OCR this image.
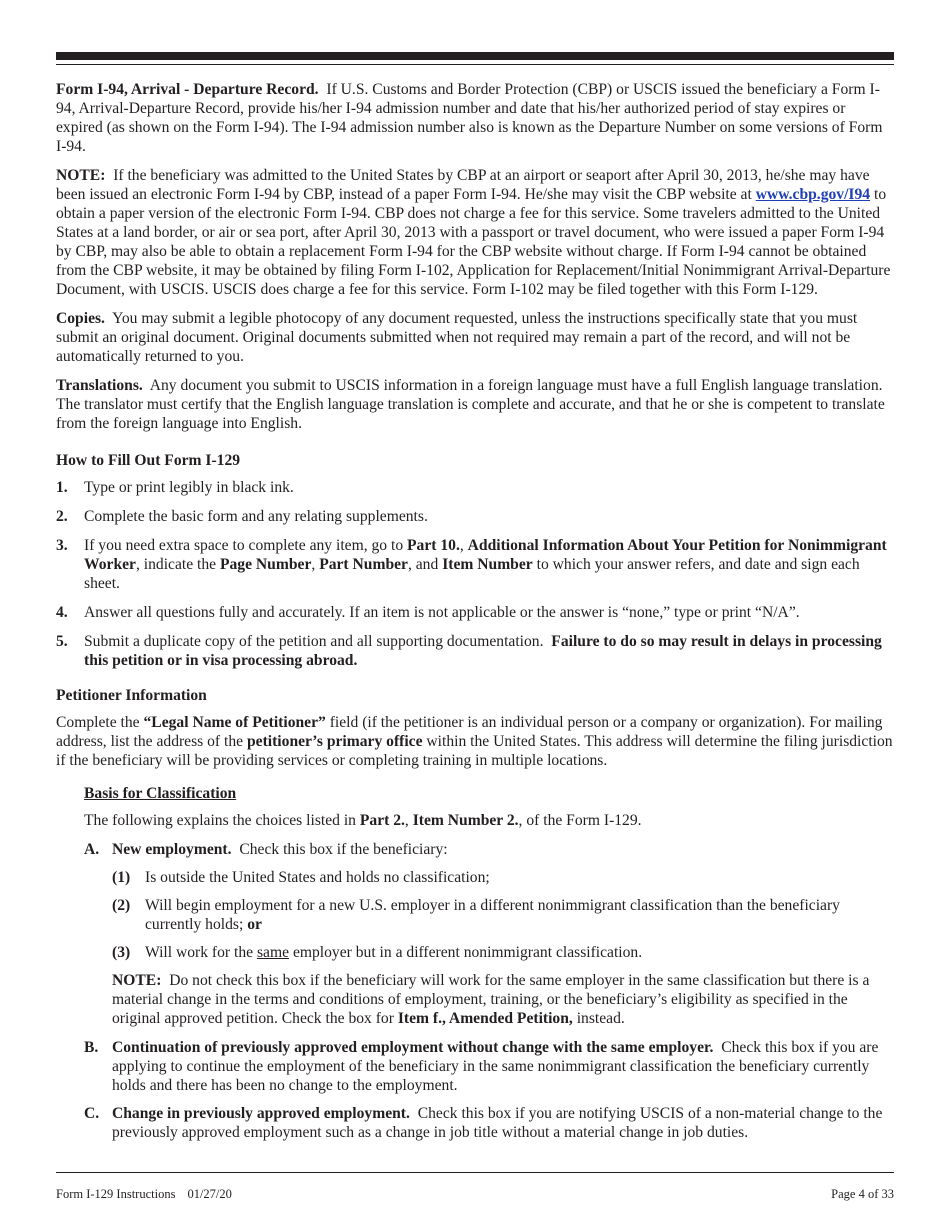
Form I-94, Arrival - Departure Record. If U.S. Customs and Border Protection (CBP) or USCIS issued the beneficiary a Form I-94, Arrival-Departure Record, provide his/her I-94 admission number and date that his/her authorized period of stay expires or expired (as shown on the Form I-94). The I-94 admission number also is known as the Departure Number on some versions of Form I-94.

NOTE: If the beneficiary was admitted to the United States by CBP at an airport or seaport after April 30, 2013, he/she may have been issued an electronic Form I-94 by CBP, instead of a paper Form I-94. He/she may visit the CBP website at www.cbp.gov/I94 to obtain a paper version of the electronic Form I-94. CBP does not charge a fee for this service. Some travelers admitted to the United States at a land border, or air or sea port, after April 30, 2013 with a passport or travel document, who were issued a paper Form I-94 by CBP, may also be able to obtain a replacement Form I-94 for the CBP website without charge. If Form I-94 cannot be obtained from the CBP website, it may be obtained by filing Form I-102, Application for Replacement/Initial Nonimmigrant Arrival-Departure Document, with USCIS. USCIS does charge a fee for this service. Form I-102 may be filed together with this Form I-129.

Copies. You may submit a legible photocopy of any document requested, unless the instructions specifically state that you must submit an original document. Original documents submitted when not required may remain a part of the record, and will not be automatically returned to you.

Translations. Any document you submit to USCIS information in a foreign language must have a full English language translation. The translator must certify that the English language translation is complete and accurate, and that he or she is competent to translate from the foreign language into English.

How to Fill Out Form I-129
1.	Type or print legibly in black ink.
2.	Complete the basic form and any relating supplements.
3.	If you need extra space to complete any item, go to Part 10., Additional Information About Your Petition for Nonimmigrant Worker, indicate the Page Number, Part Number, and Item Number to which your answer refers, and date and sign each sheet.
4.	Answer all questions fully and accurately. If an item is not applicable or the answer is “none,” type or print “N/A”.
5.	Submit a duplicate copy of the petition and all supporting documentation. Failure to do so may result in delays in processing this petition or in visa processing abroad.
Petitioner Information

Complete the “Legal Name of Petitioner” field (if the petitioner is an individual person or a company or organization). For mailing address, list the address of the petitioner’s primary office within the United States. This address will determine the filing jurisdiction if the beneficiary will be providing services or completing training in multiple locations.

Basis for Classification

The following explains the choices listed in Part 2., Item Number 2., of the Form I-129.

A. New employment. Check this box if the beneficiary:
(1) Is outside the United States and holds no classification;
(2) Will begin employment for a new U.S. employer in a different nonimmigrant classification than the beneficiary currently holds; or
(3) Will work for the same employer but in a different nonimmigrant classification.

NOTE: Do not check this box if the beneficiary will work for the same employer in the same classification but there is a material change in the terms and conditions of employment, training, or the beneficiary’s eligibility as specified in the original approved petition. Check the box for Item f., Amended Petition, instead.

B. Continuation of previously approved employment without change with the same employer. Check this box if you are applying to continue the employment of the beneficiary in the same nonimmigrant classification the beneficiary currently holds and there has been no change to the employment.
C. Change in previously approved employment. Check this box if you are notifying USCIS of a non-material change to the previously approved employment such as a change in job title without a material change in job duties.
Form I-129 Instructions 01/27/20	Page 4 of 33
